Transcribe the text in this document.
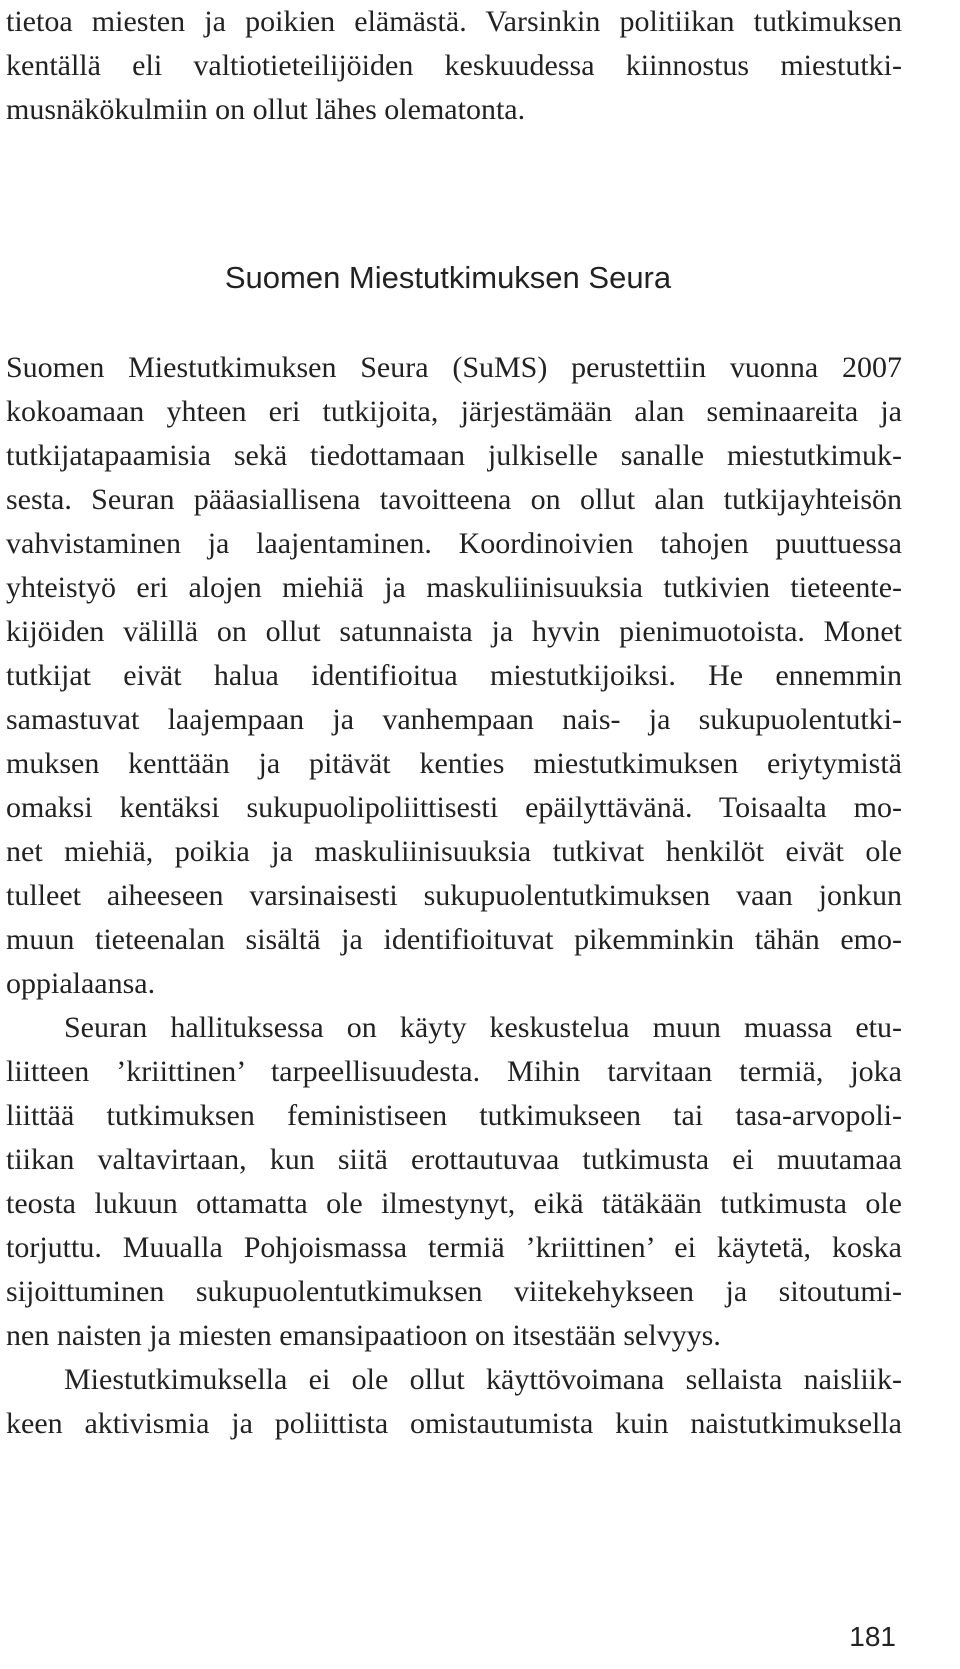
tietoa miesten ja poikien elämästä. Varsinkin politiikan tutkimuksen
kentällä eli valtiotieteilijöiden keskuudessa kiinnostus miestutki-
musnäkökulmiin on ollut lähes olematonta.
Suomen Miestutkimuksen Seura
Suomen Miestutkimuksen Seura (SuMS) perustettiin vuonna 2007
kokoamaan yhteen eri tutkijoita, järjestämään alan seminaareita ja
tutkijatapaamisia sekä tiedottamaan julkiselle sanalle miestutkimuk-
sesta. Seuran pääasiallisena tavoitteena on ollut alan tutkijayhteisön
vahvistaminen ja laajentaminen. Koordinoivien tahojen puuttuessa
yhteistyö eri alojen miehiä ja maskuliinisuuksia tutkivien tieteente-
kijöiden välillä on ollut satunnaista ja hyvin pienimuotoista. Monet
tutkijat eivät halua identifioitua miestutkijoiksi. He ennemmin
samastuvat laajempaan ja vanhempaan nais- ja sukupuolentutki-
muksen kenttään ja pitävät kenties miestutkimuksen eriytymistä
omaksi kentäksi sukupuolipoliittisesti epäilyttävänä. Toisaalta mo-
net miehiä, poikia ja maskuliinisuuksia tutkivat henkilöt eivät ole
tulleet aiheeseen varsinaisesti sukupuolentutkimuksen vaan jonkun
muun tieteenalan sisältä ja identifioituvat pikemminkin tähän emo-
oppialaansa.
Seuran hallituksessa on käyty keskustelua muun muassa etu-
liitteen ’kriittinen’ tarpeellisuudesta. Mihin tarvitaan termiä, joka
liittää tutkimuksen feministiseen tutkimukseen tai tasa-arvopoli-
tiikan valtavirtaan, kun siitä erottautuvaa tutkimusta ei muutamaa
teosta lukuun ottamatta ole ilmestynyt, eikä tätäkään tutkimusta ole
torjuttu. Muualla Pohjoismassa termiä ’kriittinen’ ei käytetä, koska
sijoittuminen sukupuolentutkimuksen viitekehykseen ja sitoutumi-
nen naisten ja miesten emansipaatioon on itsestään selvyys.
Miestutkimuksella ei ole ollut käyttövoimana sellaista naisliik-
keen aktivismia ja poliittista omistautumista kuin naistutkimuksella
181
